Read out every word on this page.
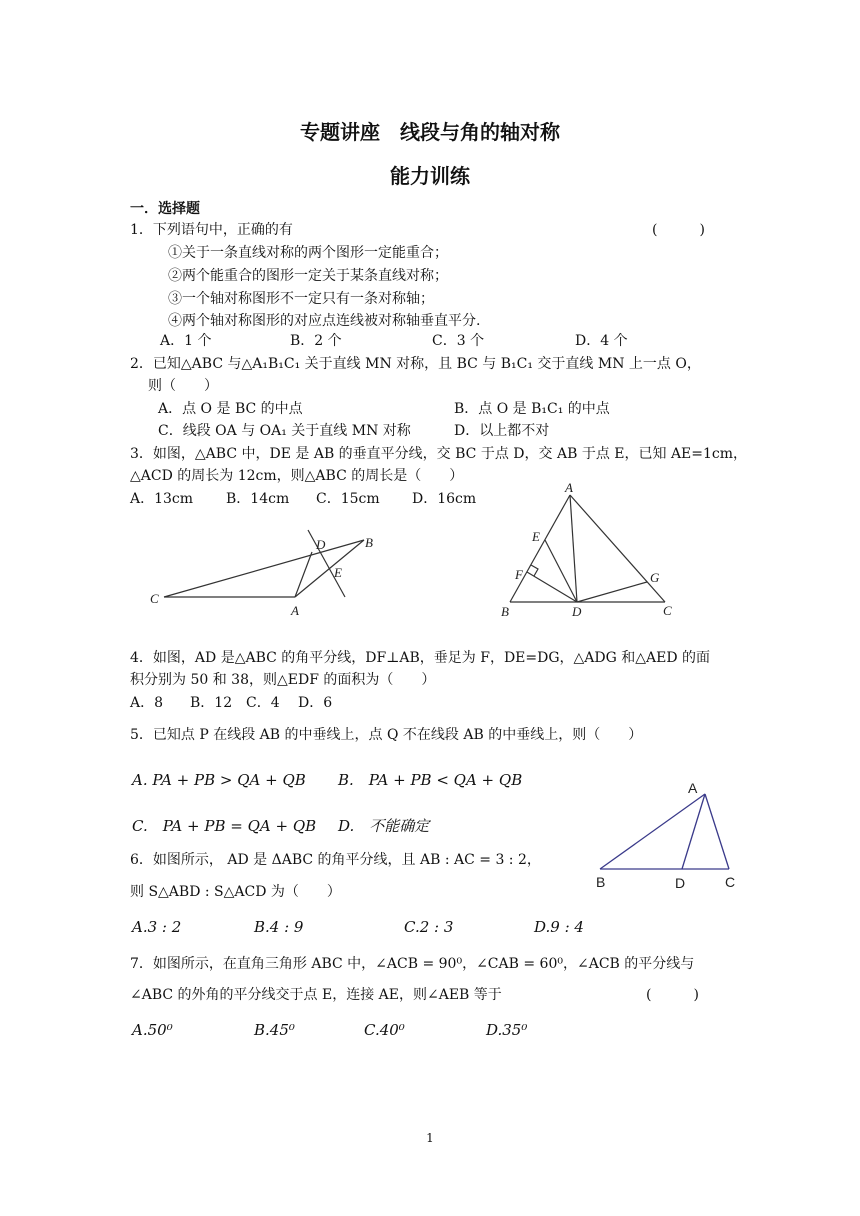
专题讲座　线段与角的轴对称
能力训练
一．选择题
1．下列语句中，正确的有	(　　　)
①关于一条直线对称的两个图形一定能重合；
②两个能重合的图形一定关于某条直线对称；
③一个轴对称图形不一定只有一条对称轴；
④两个轴对称图形的对应点连线被对称轴垂直平分.
A．1 个	B．2 个	C．3 个	D．4 个
2．已知△ABC 与△A₁B₁C₁ 关于直线 MN 对称，且 BC 与 B₁C₁ 交于直线 MN 上一点 O，
则（　　）
A．点 O 是 BC 的中点	B．点 O 是 B₁C₁ 的中点
C．线段 OA 与 OA₁ 关于直线 MN 对称	D．以上都不对
3．如图，△ABC 中，DE 是 AB 的垂直平分线，交 BC 于点 D，交 AB 于点 E，已知 AE=1cm，
△ACD 的周长为 12cm，则△ABC 的周长是（　　）
A．13cm B．14cm C．15cm D．16cm
C
A
D	B
E
A
E
F	G
B	D	C
4．如图，AD 是△ABC 的角平分线，DF⊥AB，垂足为 F，DE=DG，△ADG 和△AED 的面
积分别为 50 和 38，则△EDF 的面积为（　　）
A．8 B．12 C．4 D．6
5．已知点 P 在线段 AB 的中垂线上，点 Q 不在线段 AB 的中垂线上，则（　　）
A. PA + PB > QA + QB B.　PA + PB < QA + QB
C.　PA + PB = QA + QB D.　不能确定
A
B	D	C
6．如图所示， AD 是 ΔABC 的角平分线，且 AB : AC = 3 : 2，
则 S△ABD : S△ACD 为（　　）
A.3 : 2	B.4 : 9	C.2 : 3	D.9 : 4
7．如图所示，在直角三角形 ABC 中，∠ACB = 90⁰，∠CAB = 60⁰，∠ACB 的平分线与
∠ABC 的外角的平分线交于点 E，连接 AE，则∠AEB 等于	(　　　)
A.50⁰	B.45⁰	C.40⁰	D.35⁰
1
